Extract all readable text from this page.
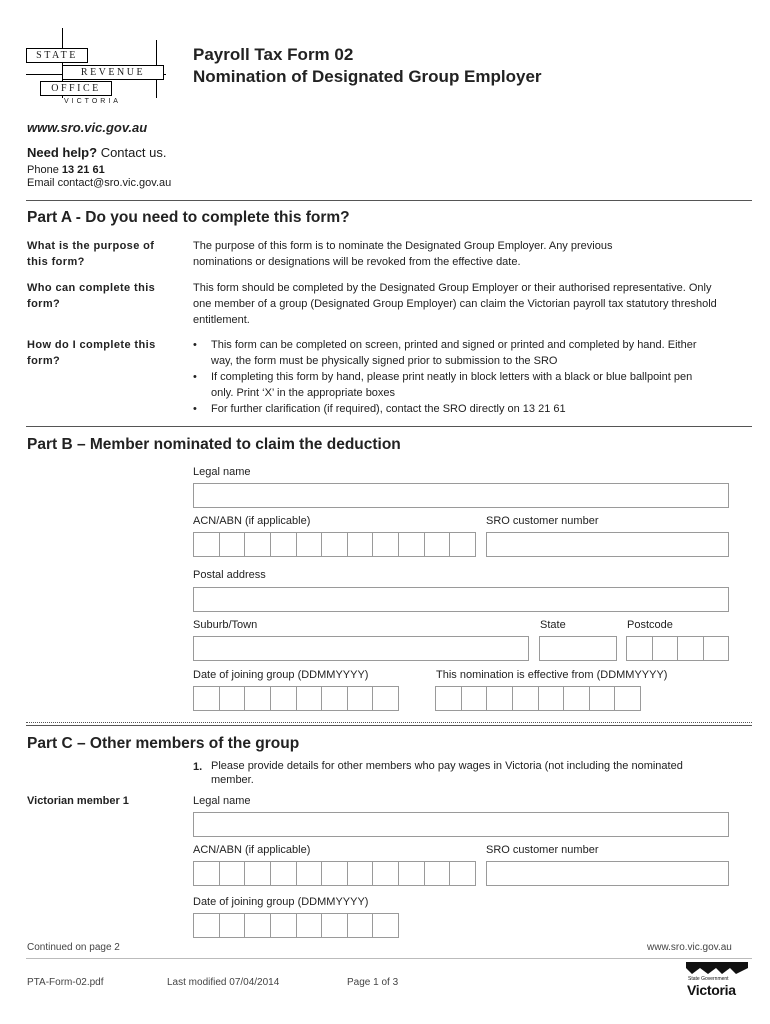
STATE
REVENUE
OFFICE
VICTORIA
www.sro.vic.gov.au
Payroll Tax Form 02
Nomination of Designated Group Employer
Need help? Contact us.
Phone 13 21 61
Email contact@sro.vic.gov.au
Part A - Do you need to complete this form?
What is the purpose of this form?
The purpose of this form is to nominate the Designated Group Employer. Any previous nominations or designations will be revoked from the effective date.
Who can complete this form?
This form should be completed by the Designated Group Employer or their authorised representative. Only one member of a group (Designated Group Employer) can claim the Victorian payroll tax statutory threshold entitlement.
How do I complete this form?
• This form can be completed on screen, printed and signed or printed and completed by hand. Either way, the form must be physically signed prior to submission to the SRO
• If completing this form by hand, please print neatly in block letters with a black or blue ballpoint pen only. Print ‘X’ in the appropriate boxes
• For further clarification (if required), contact the SRO directly on 13 21 61
Part B – Member nominated to claim the deduction
Legal name
ACN/ABN (if applicable)	SRO customer number
Postal address
Suburb/Town	State	Postcode
Date of joining group (DDMMYYYY)	This nomination is effective from (DDMMYYYY)
Part C – Other members of the group
1. Please provide details for other members who pay wages in Victoria (not including the nominated member.
Victorian member 1	Legal name
ACN/ABN (if applicable)	SRO customer number
Date of joining group (DDMMYYYY)
Continued on page 2	www.sro.vic.gov.au
PTA-Form-02.pdf	Last modified 07/04/2014	Page 1 of 3	State Government
Victoria
